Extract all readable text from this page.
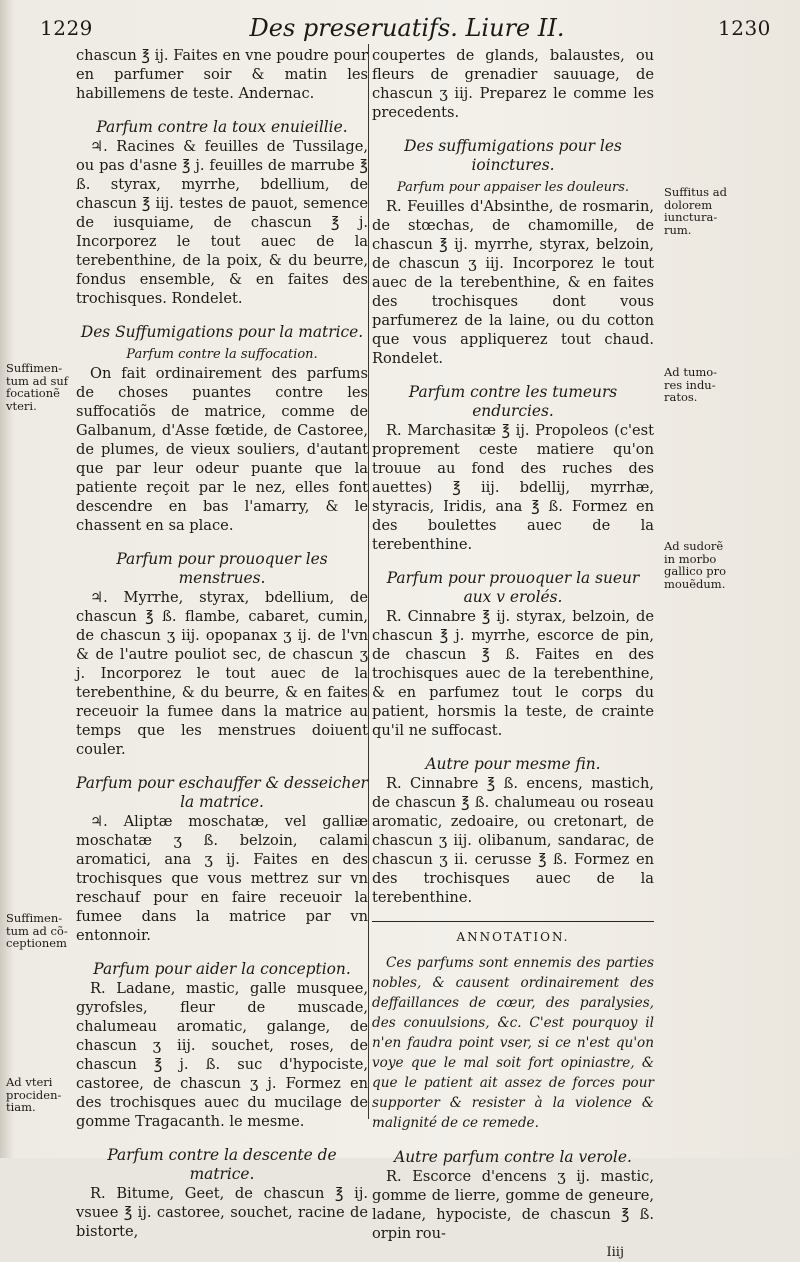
1229	Des preseruatifs. Liure II.	1230

chascun ℥ ij. Faites en vne poudre pour en parfumer soir & matin les habillemens de teste. Andernac.

Parfum contre la toux enuieillie.

♃. Racines & feuilles de Tussilage, ou pas d'asne ℥ j. feuilles de marrube ℥ ß. styrax, myrrhe, bdellium, de chascun ℥ iij. testes de pauot, semence de iusquiame, de chascun ℥ j. Incorporez le tout auec de la terebenthine, de la poix, & du beurre, fondus ensemble, & en faites des trochisques. Rondelet.

Des Suffumigations pour la matrice.
Parfum contre la suffocation.

On fait ordinairement des parfums de choses puantes contre les suffocatiõs de matrice, comme de Galbanum, d'Asse fœtide, de Castoree, de plumes, de vieux souliers, d'autant que par leur odeur puante que la patiente reçoit par le nez, elles font descendre en bas l'amarry, & le chassent en sa place.

Parfum pour prouoquer les menstrues.

♃. Myrrhe, styrax, bdellium, de chascun ℥ ß. flambe, cabaret, cumin, de chascun ʒ iij. opopanax ʒ ij. de l'vn & de l'autre pouliot sec, de chascun ʒ j. Incorporez le tout auec de la terebenthine, & du beurre, & en faites receuoir la fumee dans la matrice au temps que les menstrues doiuent couler.

Parfum pour eschauffer & desseicher la matrice.

♃. Aliptæ moschatæ, vel galliæ moschatæ ʒ ß. belzoin, calami aromatici, ana ʒ ij. Faites en des trochisques que vous mettrez sur vn reschauf pour en faire receuoir la fumee dans la matrice par vn entonnoir.

Parfum pour aider la conception.

R. Ladane, mastic, galle musquee, gyrofsles, fleur de muscade, chalumeau aromatic, galange, de chascun ʒ iij. souchet, roses, de chascun ℥ j. ß. suc d'hypociste, castoree, de chascun ʒ j. Formez en des trochisques auec du mucilage de gomme Tragacanth. le mesme.

Parfum contre la descente de matrice.

R. Bitume, Geet, de chascun ℥ ij. vsuee ℥ ij. castoree, souchet, racine de bistorte,

Suffimen-
tum ad suf
focationẽ
vteri.
Suffimen-
tum ad cõ-
ceptionem
Ad vteri
prociden-
tiam.

coupertes de glands, balaustes, ou fleurs de grenadier sauuage, de chascun ʒ iij. Preparez le comme les precedents.

Des suffumigations pour les ioinctures.
Parfum pour appaiser les douleurs.

R. Feuilles d'Absinthe, de rosmarin, de stœchas, de chamomille, de chascun ℥ ij. myrrhe, styrax, belzoin, de chascun ʒ iij. Incorporez le tout auec de la terebenthine, & en faites des trochisques dont vous parfumerez de la laine, ou du cotton que vous appliquerez tout chaud. Rondelet.

Parfum contre les tumeurs endurcies.

R. Marchasitæ ℥ ij. Propoleos (c'est proprement ceste matiere qu'on trouue au fond des ruches des auettes) ℥ iij. bdellij, myrrhæ, styracis, Iridis, ana ℥ ß. Formez en des boulettes auec de la terebenthine.

Parfum pour prouoquer la sueur aux v erolés.

R. Cinnabre ℥ ij. styrax, belzoin, de chascun ℥ j. myrrhe, escorce de pin, de chascun ℥ ß. Faites en des trochisques auec de la terebenthine, & en parfumez tout le corps du patient, horsmis la teste, de crainte qu'il ne suffocast.

Autre pour mesme fin.

R. Cinnabre ℥ ß. encens, mastich, de chascun ℥ ß. chalumeau ou roseau aromatic, zedoaire, ou cretonart, de chascun ʒ iij. olibanum, sandarac, de chascun ʒ ii. cerusse ℥ ß. Formez en des trochisques auec de la terebenthine.

ANNOTATION.

Ces parfums sont ennemis des parties nobles, & causent ordinairement des deffaillances de cœur, des paralysies, des conuulsions, &c. C'est pourquoy il n'en faudra point vser, si ce n'est qu'on voye que le mal soit fort opiniastre, & que le patient ait assez de forces pour supporter & resister à la violence & malignité de ce remede.

Autre parfum contre la verole.

R. Escorce d'encens ʒ ij. mastic, gomme de lierre, gomme de geneure, ladane, hypociste, de chascun ℥ ß. orpin rou-

Iiij
Suffitus ad
dolorem
iunctura-
rum.
Ad tumo-
res indu-
ratos.
Ad sudorẽ
in morbo
gallico pro
mouẽdum.
